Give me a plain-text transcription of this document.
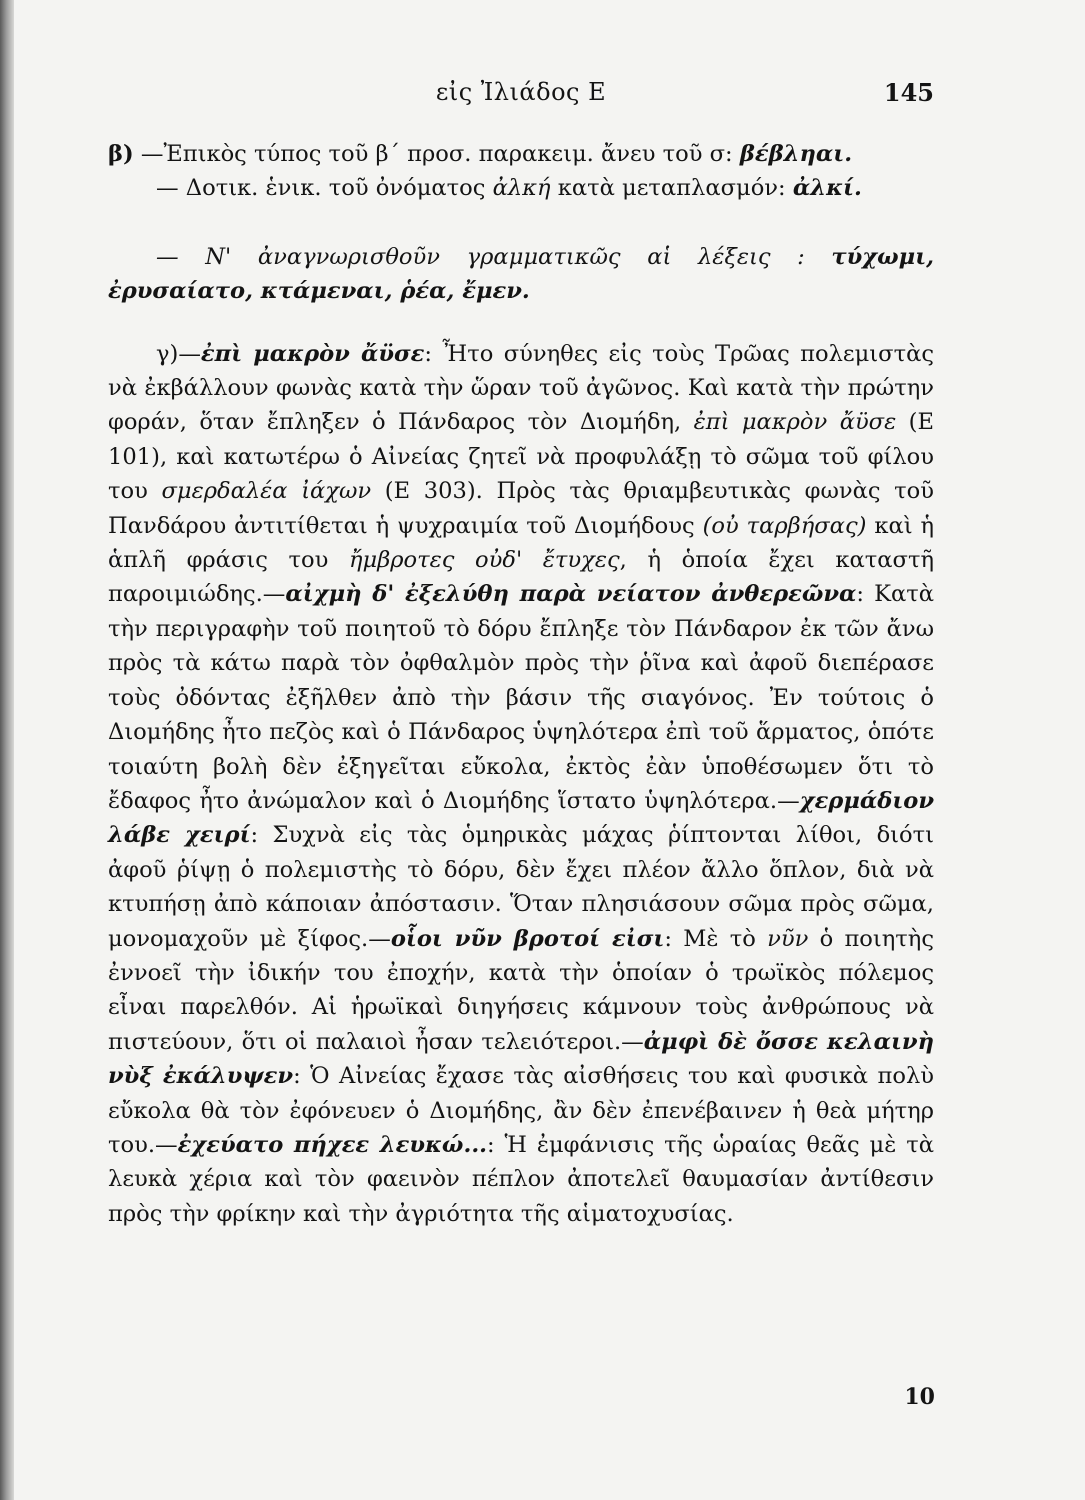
εἰς Ἰλιάδος Ε	145

β) —Ἐπικὸς τύπος τοῦ β΄ προσ. παρακειμ. ἄνευ τοῦ σ: βέβληαι.

— Δοτικ. ἑνικ. τοῦ ὀνόματος ἀλκή κατὰ μεταπλασμόν: ἀλκί.

— Ν' ἀναγνωρισθοῦν γραμματικῶς αἱ λέξεις : τύχωμι, ἐρυσαίατο, κτάμεναι, ῥέα, ἔμεν.

γ)—ἐπὶ μακρὸν ἄϋσε: Ἦτο σύνηθες εἰς τοὺς Τρῶας πολεμιστὰς νὰ ἐκβάλλουν φωνὰς κατὰ τὴν ὥραν τοῦ ἀγῶνος. Καὶ κατὰ τὴν πρώτην φοράν, ὅταν ἔπληξεν ὁ Πάνδαρος τὸν Διομήδη, ἐπὶ μακρὸν ἄϋσε (Ε 101), καὶ κατωτέρω ὁ Αἰνείας ζητεῖ νὰ προφυλάξῃ τὸ σῶμα τοῦ φίλου του σμερδαλέα ἰάχων (Ε 303). Πρὸς τὰς θριαμβευτικὰς φωνὰς τοῦ Πανδάρου ἀντιτίθεται ἡ ψυχραιμία τοῦ Διομήδους (οὐ ταρβήσας) καὶ ἡ ἁπλῆ φράσις του ἤμβροτες οὐδ' ἔτυχες, ἡ ὁποία ἔχει καταστῆ παροιμιώδης.—αἰχμὴ δ' ἐξελύθη παρὰ νείατον ἀνθερεῶνα: Κατὰ τὴν περιγραφὴν τοῦ ποιητοῦ τὸ δόρυ ἔπληξε τὸν Πάνδαρον ἐκ τῶν ἄνω πρὸς τὰ κάτω παρὰ τὸν ὀφθαλμὸν πρὸς τὴν ῥῖνα καὶ ἀφοῦ διεπέρασε τοὺς ὀδόντας ἐξῆλθεν ἀπὸ τὴν βάσιν τῆς σιαγόνος. Ἐν τούτοις ὁ Διομήδης ἦτο πεζὸς καὶ ὁ Πάνδαρος ὑψηλότερα ἐπὶ τοῦ ἅρματος, ὁπότε τοιαύτη βολὴ δὲν ἐξηγεῖται εὔκολα, ἐκτὸς ἐὰν ὑποθέσωμεν ὅτι τὸ ἔδαφος ἦτο ἀνώμαλον καὶ ὁ Διομήδης ἵστατο ὑψηλότερα.—χερμάδιον λάβε χειρί: Συχνὰ εἰς τὰς ὁμηρικὰς μάχας ῥίπτονται λίθοι, διότι ἀφοῦ ῥίψῃ ὁ πολεμιστὴς τὸ δόρυ, δὲν ἔχει πλέον ἄλλο ὅπλον, διὰ νὰ κτυπήσῃ ἀπὸ κάποιαν ἀπόστασιν. Ὅταν πλησιάσουν σῶμα πρὸς σῶμα, μονομαχοῦν μὲ ξίφος.—οἷοι νῦν βροτοί εἰσι: Μὲ τὸ νῦν ὁ ποιητὴς ἐννοεῖ τὴν ἰδικήν του ἐποχήν, κατὰ τὴν ὁποίαν ὁ τρωϊκὸς πόλεμος εἶναι παρελθόν. Αἱ ἡρωϊκαὶ διηγήσεις κάμνουν τοὺς ἀνθρώπους νὰ πιστεύουν, ὅτι οἱ παλαιοὶ ἦσαν τελειότεροι.—ἀμφὶ δὲ ὄσσε κελαινὴ νὺξ ἐκάλυψεν: Ὁ Αἰνείας ἔχασε τὰς αἰσθήσεις του καὶ φυσικὰ πολὺ εὔκολα θὰ τὸν ἐφόνευεν ὁ Διομήδης, ἂν δὲν ἐπενέβαινεν ἡ θεὰ μήτηρ του.—ἐχεύατο πήχεε λευκώ...: Ἡ ἐμφάνισις τῆς ὡραίας θεᾶς μὲ τὰ λευκὰ χέρια καὶ τὸν φαεινὸν πέπλον ἀποτελεῖ θαυμασίαν ἀντίθεσιν πρὸς τὴν φρίκην καὶ τὴν ἀγριότητα τῆς αἱματοχυσίας.

10
